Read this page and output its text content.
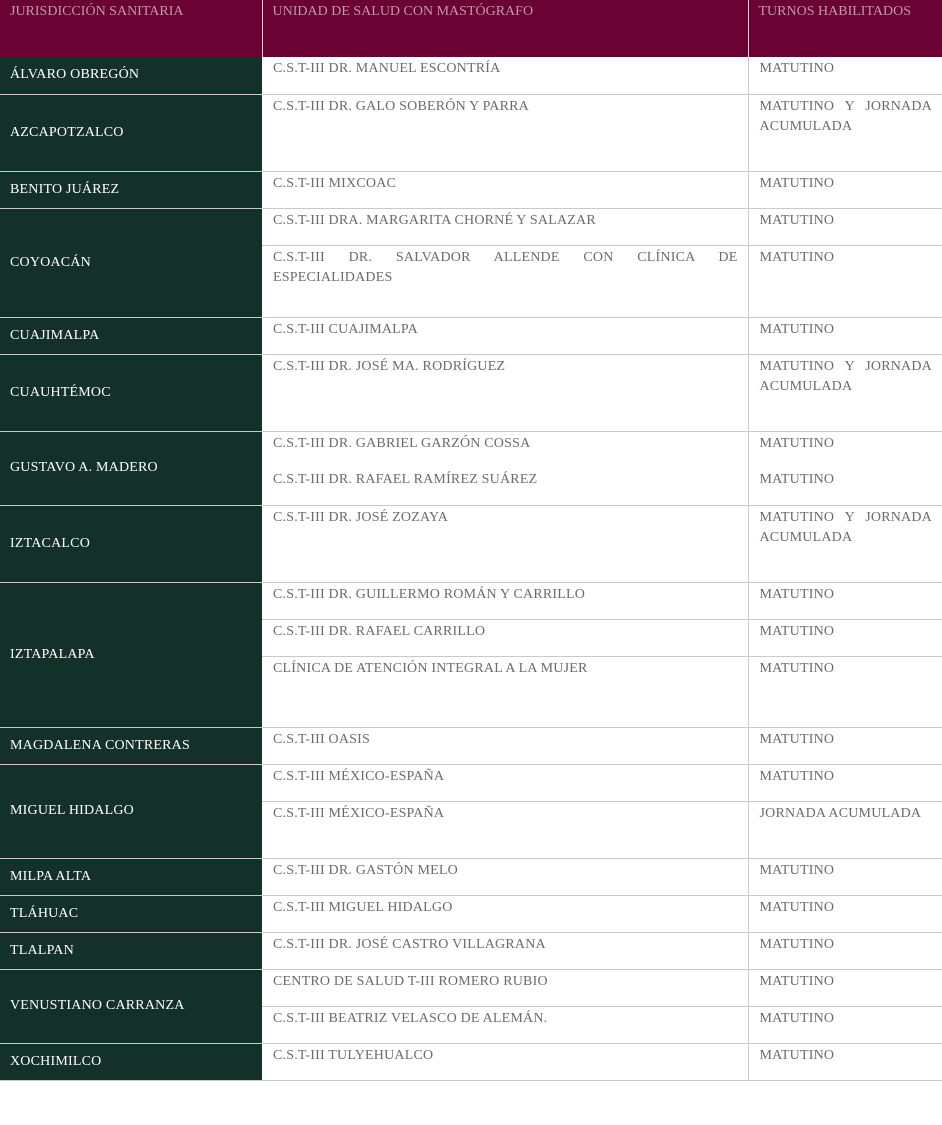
JURISDICCIÓN SANITARIA	UNIDAD DE SALUD CON MASTÓGRAFO	TURNOS HABILITADOS
ÁLVARO OBREGÓN	C.S.T-III DR. MANUEL ESCONTRÍA	MATUTINO
AZCAPOTZALCO	C.S.T-III DR. GALO SOBERÓN Y PARRA	MATUTINO Y JORNADA ACUMULADA
BENITO JUÁREZ	C.S.T-III MIXCOAC	MATUTINO
COYOACÁN	C.S.T-III DRA. MARGARITA CHORNÉ Y SALAZAR	MATUTINO
	C.S.T-III DR. SALVADOR ALLENDE CON CLÍNICA DE ESPECIALIDADES	MATUTINO
CUAJIMALPA	C.S.T-III CUAJIMALPA	MATUTINO
CUAUHTÉMOC	C.S.T-III DR. JOSÉ MA. RODRÍGUEZ	MATUTINO Y JORNADA ACUMULADA
GUSTAVO A. MADERO	C.S.T-III DR. GABRIEL GARZÓN COSSA	MATUTINO
	C.S.T-III DR. RAFAEL RAMÍREZ SUÁREZ	MATUTINO
IZTACALCO	C.S.T-III DR. JOSÉ ZOZAYA	MATUTINO Y JORNADA ACUMULADA
IZTAPALAPA	C.S.T-III DR. GUILLERMO ROMÁN Y CARRILLO	MATUTINO
	C.S.T-III DR. RAFAEL CARRILLO	MATUTINO
	CLÍNICA DE ATENCIÓN INTEGRAL A LA MUJER	MATUTINO
MAGDALENA CONTRERAS	C.S.T-III OASIS	MATUTINO
MIGUEL HIDALGO	C.S.T-III MÉXICO-ESPAÑA	MATUTINO
	C.S.T-III MÉXICO-ESPAÑA	JORNADA ACUMULADA
MILPA ALTA	C.S.T-III DR. GASTÓN MELO	MATUTINO
TLÁHUAC	C.S.T-III MIGUEL HIDALGO	MATUTINO
TLALPAN	C.S.T-III DR. JOSÉ CASTRO VILLAGRANA	MATUTINO
VENUSTIANO CARRANZA	CENTRO DE SALUD T-III ROMERO RUBIO	MATUTINO
	C.S.T-III BEATRIZ VELASCO DE ALEMÁN.	MATUTINO
XOCHIMILCO	C.S.T-III TULYEHUALCO	MATUTINO
